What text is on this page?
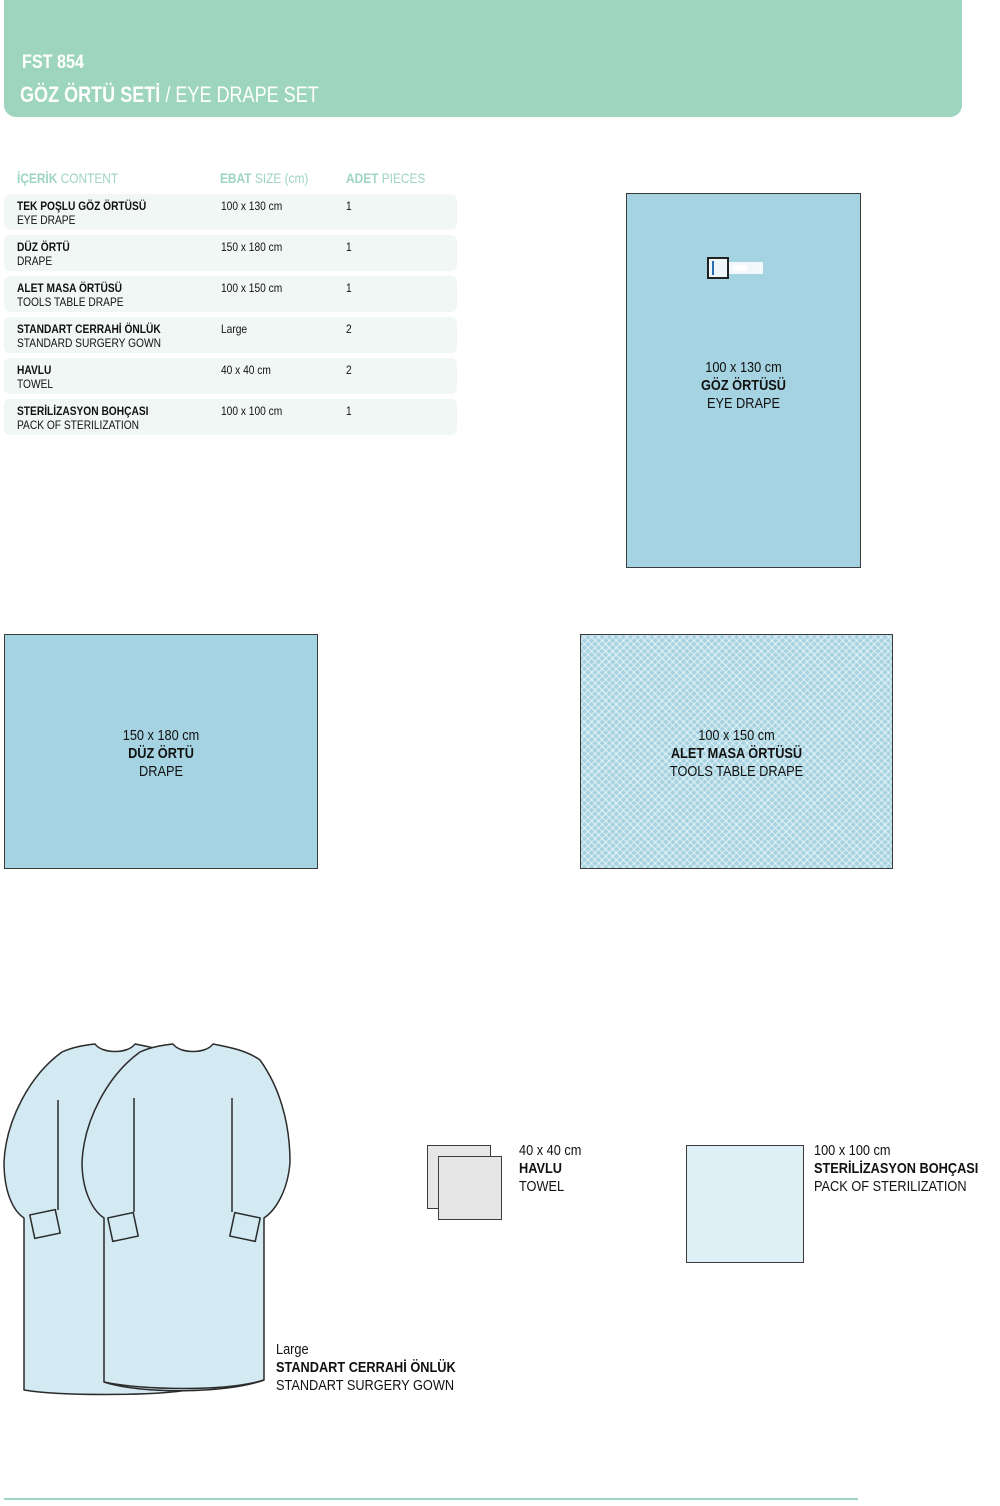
FST 854
GÖZ ÖRTÜ SETİ / EYE DRAPE SET
İÇERİK CONTENT	EBAT SIZE (cm)	ADET PIECES
TEK POŞLU GÖZ ÖRTÜSÜ
EYE DRAPE
100 x 130 cm	1
DÜZ ÖRTÜ
DRAPE
150 x 180 cm	1
ALET MASA ÖRTÜSÜ
TOOLS TABLE DRAPE
100 x 150 cm	1
STANDART CERRAHİ ÖNLÜK
STANDARD SURGERY GOWN
Large	2
HAVLU
TOWEL
40 x 40 cm	2
STERİLİZASYON BOHÇASI
PACK OF STERILIZATION
100 x 100 cm	1
100 x 130 cm
GÖZ ÖRTÜSÜ
EYE DRAPE
150 x 180 cm
DÜZ ÖRTÜ
DRAPE
100 x 150 cm
ALET MASA ÖRTÜSÜ
TOOLS TABLE DRAPE
Large
STANDART CERRAHİ ÖNLÜK
STANDART SURGERY GOWN
40 x 40 cm
HAVLU
TOWEL
100 x 100 cm
STERİLİZASYON BOHÇASI
PACK OF STERILIZATION
